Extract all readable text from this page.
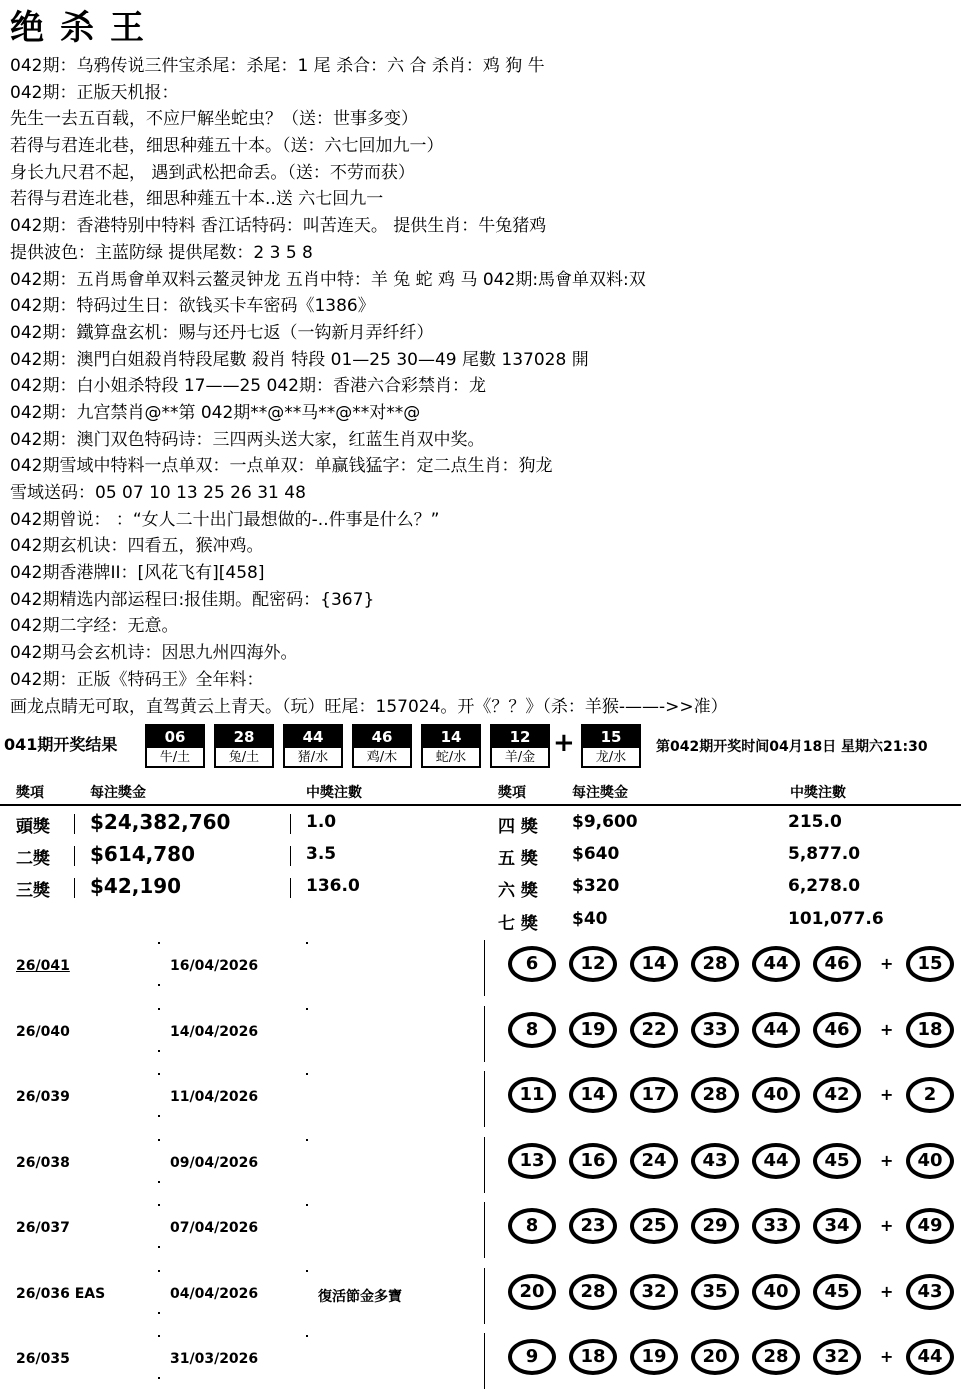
绝杀王
042期：乌鸦传说三件宝杀尾：杀尾：1 尾 杀合：六 合 杀肖：鸡 狗 牛
042期：正版天机报：
先生一去五百载，不应尸解坐蛇虫？（送：世事多变）
若得与君连北巷，细思种薤五十本。（送：六七回加九一）
身长九尺君不起， 遇到武松把命丢。（送：不劳而获）
若得与君连北巷，细思种薤五十本..送 六七回九一
042期：香港特别中特料 香江话特码：叫苦连天。 提供生肖：牛兔猪鸡
提供波色：主蓝防绿 提供尾数：2 3 5 8
042期：五肖馬會单双料云鳌灵钟龙 五肖中特：羊 兔 蛇 鸡 马 042期:馬會单双料:双
042期：特码过生日：欲钱买卡车密码《1386》
042期：鐵算盘玄机：赐与还丹七返（一钩新月弄纤纤）
042期：澳門白姐殺肖特段尾數 殺肖 特段 01—25 30—49 尾數 137028 開
042期：白小姐杀特段 17——25 042期：香港六合彩禁肖：龙
042期：九宫禁肖@**第 042期**@**马**@**对**@
042期：澳门双色特码诗：三四两头送大家，红蓝生肖双中奖。
042期雪域中特料一点单双：一点单双：单赢钱猛字：定二点生肖：狗龙
雪域送码：05 07 10 13 25 26 31 48
042期曾说： ：“女人二十出门最想做的-..件事是什么？”
042期玄机诀：四看五，猴冲鸡。
042期香港牌II：[风花飞有][458]
042期精选内部运程曰:报佳期。配密码：{367}
042期二字经：无意。
042期马会玄机诗：因思九州四海外。
042期：正版《特码王》全年料：
画龙点睛无可取，直驾黄云上青天。（玩）旺尾：157024。开《？？》（杀：羊猴-——->>准）
041期开奖结果	06
牛/土
28
兔/土
44
猪/水
46
鸡/木
14
蛇/水
12
羊/金 +	15
龙/水
第042期开奖时间04月18日 星期六21:30
獎項	每注獎金	中獎注數	獎項	每注獎金	中獎注數
頭獎 $24,382,760	1.0
二獎 $614,780	3.5
三獎 $42,190	136.0
四 獎 $9,600	215.0
五 獎 $640	5,877.0
六 獎 $320	6,278.0
七 獎 $40	101,077.6
26/041	16/04/2026	6	12	14	28	44	46	+	15
26/040	14/04/2026	8	19	22	33	44	46	+	18
26/039	11/04/2026	11	14	17	28	40	42	+	2
26/038	09/04/2026	13	16	24	43	44	45	+	40
26/037	07/04/2026	8	23	25	29	33	34	+	49
26/036 EAS	04/04/2026	復活節金多寶	20	28	32	35	40	45	+	43
26/035	31/03/2026	9	18	19	20	28	32	+	44
